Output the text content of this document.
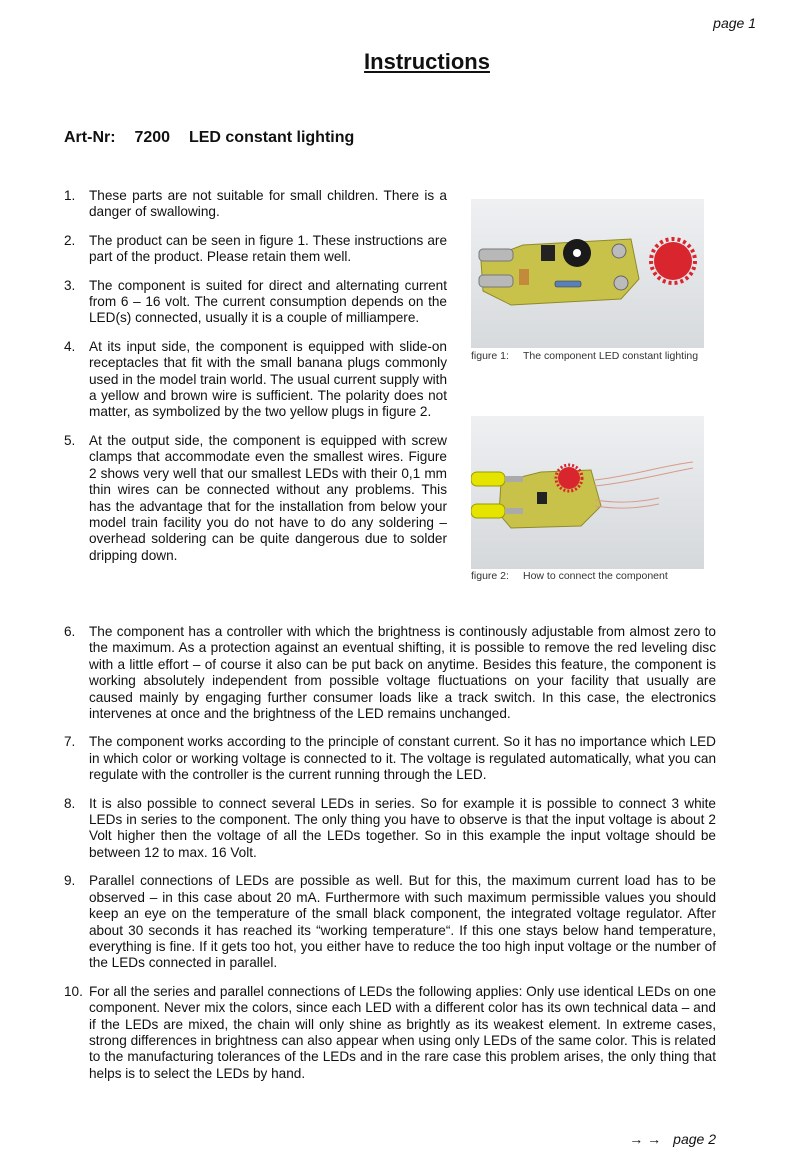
page 1
Instructions
Art-Nr: 7200 LED constant lighting
1. These parts are not suitable for small children. There is a danger of swallowing.
2. The product can be seen in figure 1. These instructions are part of the product. Please retain them well.
3. The component is suited for direct and alternating current from 6 – 16 volt. The current consumption depends on the LED(s) connected, usually it is a couple of milliampere.
4. At its input side, the component is equipped with slide-on receptacles that fit with the small banana plugs commonly used in the model train world. The usual current supply with a yellow and brown wire is sufficient. The polarity does not matter, as symbolized by the two yellow plugs in figure 2.
5. At the output side, the component is equipped with screw clamps that accommodate even the smallest wires. Figure 2 shows very well that our smallest LEDs with their 0,1 mm thin wires can be connected without any problems. This has the advantage that for the installation from below your model train facility you do not have to do any soldering – overhead soldering can be quite dangerous due to solder dripping down.
figure 1: The component LED constant lighting
figure 2: How to connect the component
6. The component has a controller with which the brightness is continously adjustable from almost zero to the maximum. As a protection against an eventual shifting, it is possible to remove the red leveling disc with a little effort – of course it also can be put back on anytime. Besides this feature, the component is working absolutely independent from possible voltage fluctuations on your facility that usually are caused mainly by engaging further consumer loads like a track switch. In this case, the electronics intervenes at once and the brightness of the LED remains unchanged.
7. The component works according to the principle of constant current. So it has no importance which LED in which color or working voltage is connected to it. The voltage is regulated automatically, what you can regulate with the controller is the current running through the LED.
8. It is also possible to connect several LEDs in series. So for example it is possible to connect 3 white LEDs in series to the component. The only thing you have to observe is that the input voltage is about 2 Volt higher then the voltage of all the LEDs together. So in this example the input voltage should be between 12 to max. 16 Volt.
9. Parallel connections of LEDs are possible as well. But for this, the maximum current load has to be observed – in this case about 20 mA. Furthermore with such maximum permissible values you should keep an eye on the temperature of the small black component, the integrated voltage regulator. After about 30 seconds it has reached its “working temperature“. If this one stays below hand temperature, everything is fine. If it gets too hot, you either have to reduce the too high input voltage or the number of the LEDs connected in parallel.
10. For all the series and parallel connections of LEDs the following applies: Only use identical LEDs on one component. Never mix the colors, since each LED with a different color has its own technical data – and if the LEDs are mixed, the chain will only shine as brightly as its weakest element. In extreme cases, strong differences in brightness can also appear when using only LEDs of the same color. This is related to the manufacturing tolerances of the LEDs and in the rare case this problem arises, the only thing that helps is to select the LEDs by hand.
→ → page 2
